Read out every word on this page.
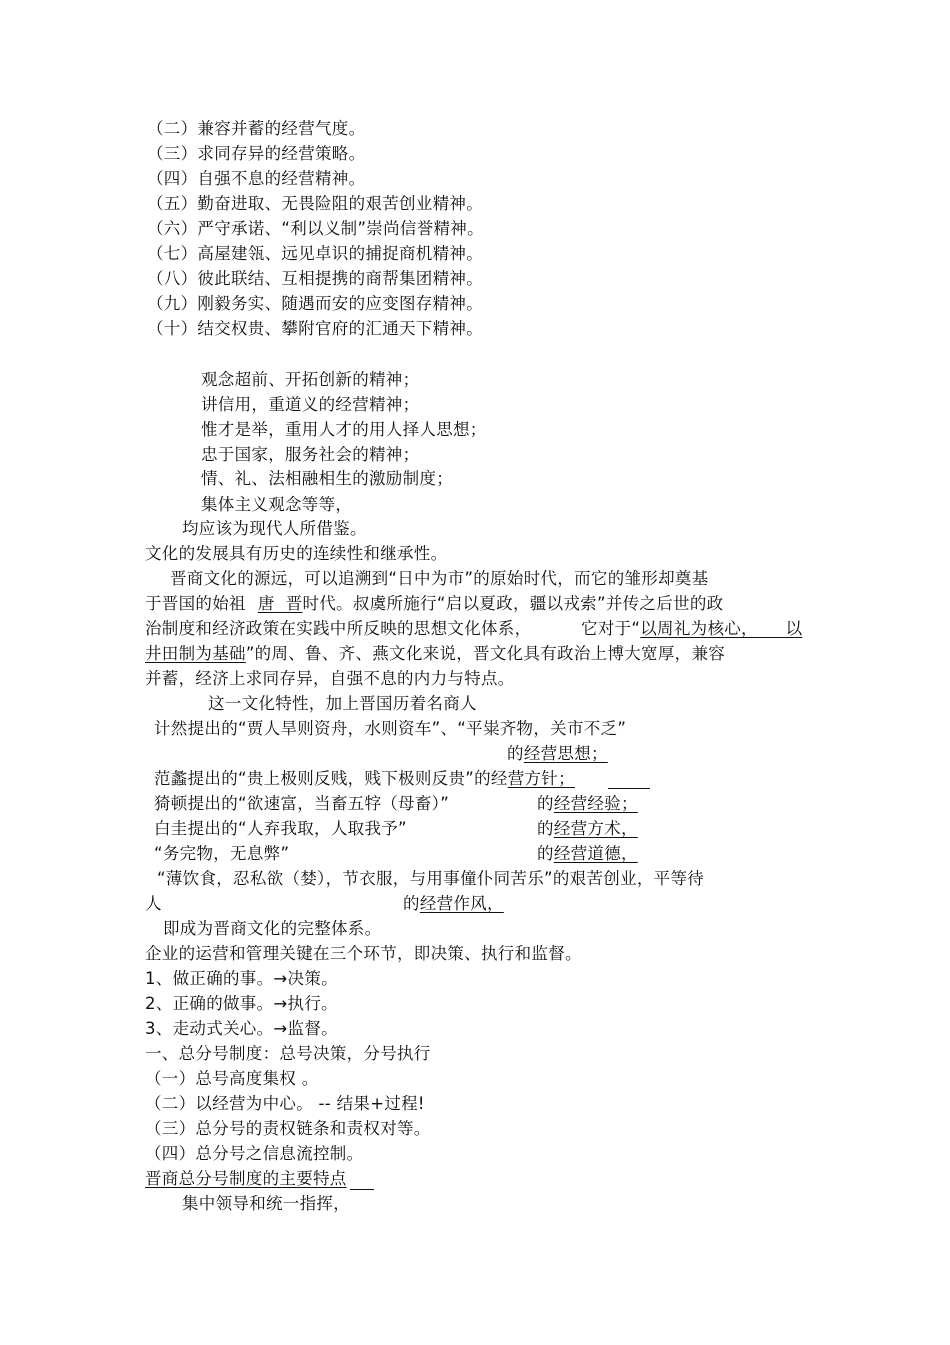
（二）兼容并蓄的经营气度。
（三）求同存异的经营策略。
（四）自强不息的经营精神。
（五）勤奋进取、无畏险阻的艰苦创业精神。
（六）严守承诺、“利以义制”崇尚信誉精神。
（七）高屋建瓴、远见卓识的捕捉商机精神。
（八）彼此联结、互相提携的商帮集团精神。
（九）刚毅务实、随遇而安的应变图存精神。
（十）结交权贵、攀附官府的汇通天下精神。
观念超前、开拓创新的精神；
讲信用，重道义的经营精神；
惟才是举，重用人才的用人择人思想；
忠于国家，服务社会的精神；
情、礼、法相融相生的激励制度；
集体主义观念等等，
均应该为现代人所借鉴。
文化的发展具有历史的连续性和继承性。
晋商文化的源远，可以追溯到“日中为市”的原始时代，而它的雏形却奠基
于晋国的始祖 唐 晋时代。叔虞所施行“启以夏政，疆以戎索”并传之后世的政
治制度和经济政策在实践中所反映的思想文化体系，	它对于“以周礼为核心， 以
井田制为基础”的周、鲁、齐、燕文化来说，晋文化具有政治上博大宽厚，兼容
并蓄，经济上求同存异，自强不息的内力与特点。
这一文化特性，加上晋国历着名商人
计然提出的“贾人旱则资舟，水则资车”、“平粜齐物，关市不乏”
的经营思想；
范蠡提出的“贵上极则反贱，贱下极则反贵”的经营方针；
猗顿提出的“欲速富，当畜五牸（母畜）”	的经营经验；
白圭提出的“人弃我取，人取我予”	的经营方术，
“务完物，无息弊”	的经营道德，
“薄饮食，忍私欲（婪），节衣服，与用事僮仆同苦乐”的艰苦创业，平等待
人	的经营作风，
即成为晋商文化的完整体系。
企业的运营和管理关键在三个环节，即决策、执行和监督。
1、做正确的事。→决策。
2、正确的做事。→执行。
3、走动式关心。→监督。
一、总分号制度：总号决策，分号执行
（一）总号高度集权 。
（二）以经营为中心。 -- 结果+过程!
（三）总分号的责权链条和责权对等。
（四）总分号之信息流控制。
晋商总分号制度的主要特点
集中领导和统一指挥，
